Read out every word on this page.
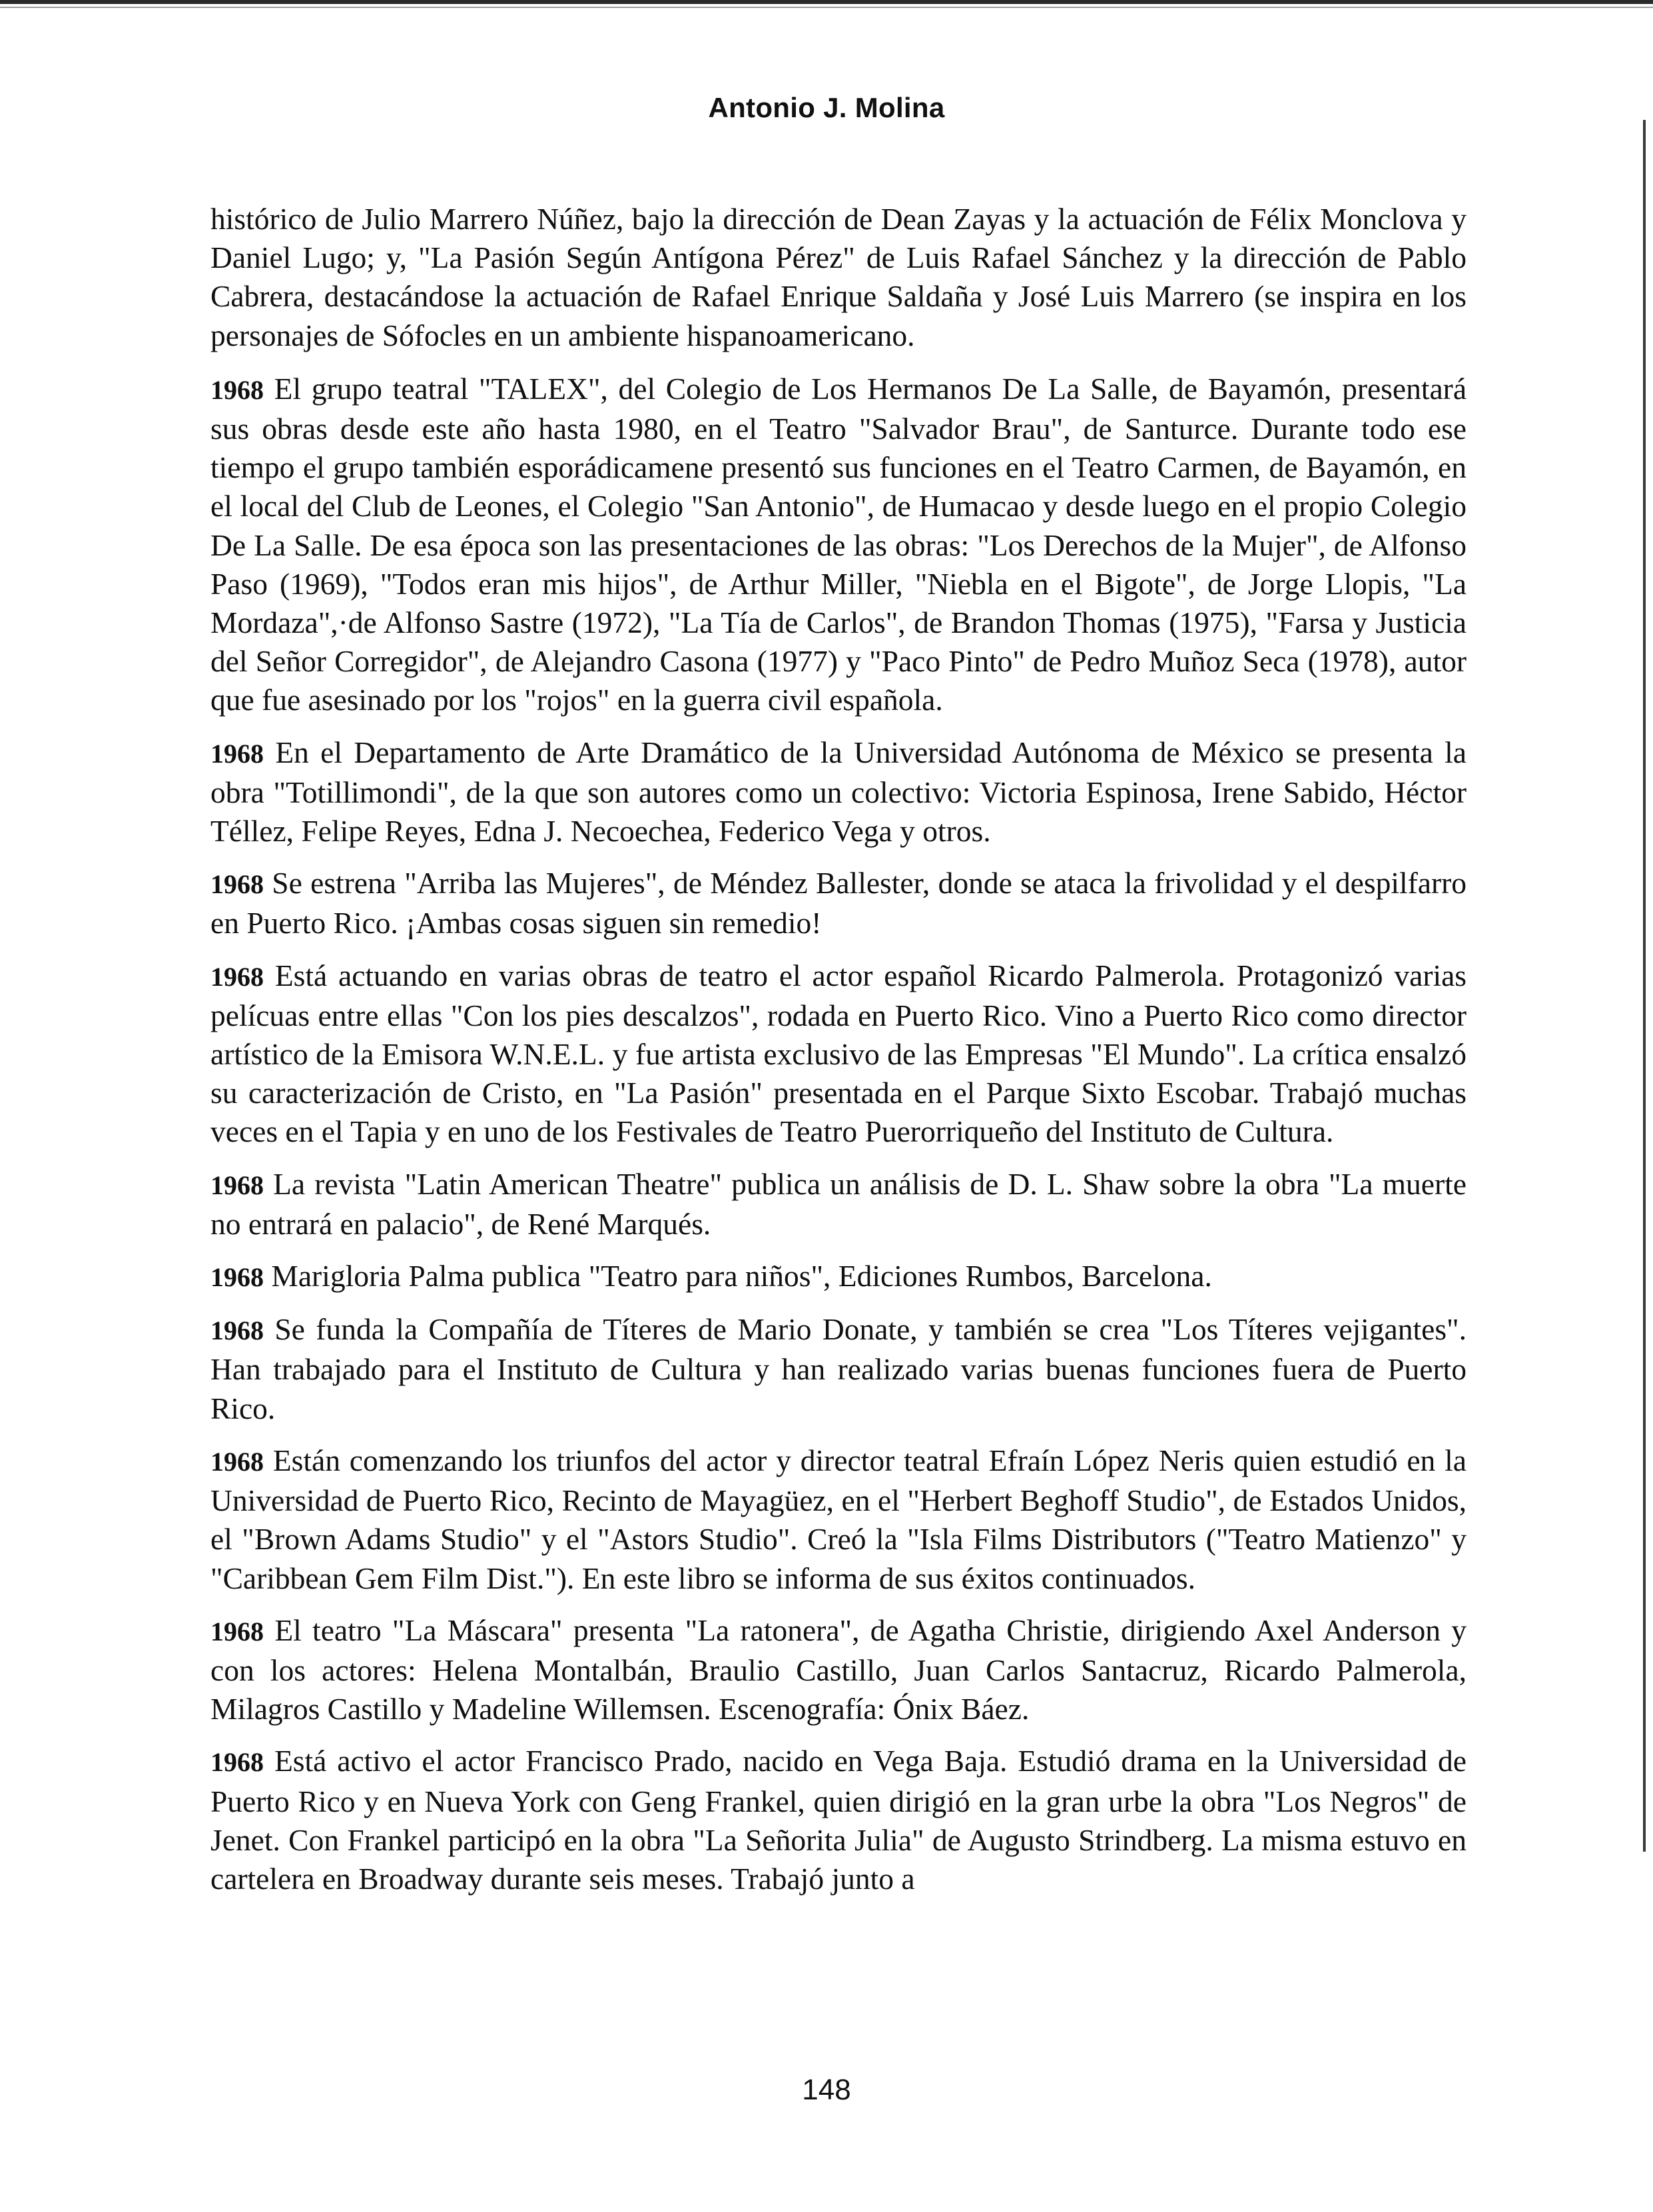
Antonio J. Molina

histórico de Julio Marrero Núñez, bajo la dirección de Dean Zayas y la actuación de Félix Monclova y Daniel Lugo; y, "La Pasión Según Antígona Pérez" de Luis Rafael Sánchez y la dirección de Pablo Cabrera, destacándose la actuación de Rafael Enrique Saldaña y José Luis Marrero (se inspira en los personajes de Sófocles en un ambiente hispanoamericano.

1968 El grupo teatral "TALEX", del Colegio de Los Hermanos De La Salle, de Bayamón, presentará sus obras desde este año hasta 1980, en el Teatro "Salvador Brau", de Santurce. Durante todo ese tiempo el grupo también esporádicamene presentó sus funciones en el Teatro Carmen, de Bayamón, en el local del Club de Leones, el Colegio "San Antonio", de Humacao y desde luego en el propio Colegio De La Salle. De esa época son las presentaciones de las obras: "Los Derechos de la Mujer", de Alfonso Paso (1969), "Todos eran mis hijos", de Arthur Miller, "Niebla en el Bigote", de Jorge Llopis, "La Mordaza",·de Alfonso Sastre (1972), "La Tía de Carlos", de Brandon Thomas (1975), "Farsa y Justicia del Señor Corregidor", de Alejandro Casona (1977) y "Paco Pinto" de Pedro Muñoz Seca (1978), autor que fue asesinado por los "rojos" en la guerra civil española.

1968 En el Departamento de Arte Dramático de la Universidad Autónoma de México se presenta la obra "Totillimondi", de la que son autores como un colectivo: Victoria Espinosa, Irene Sabido, Héctor Téllez, Felipe Reyes, Edna J. Necoechea, Federico Vega y otros.

1968 Se estrena "Arriba las Mujeres", de Méndez Ballester, donde se ataca la frivolidad y el despilfarro en Puerto Rico. ¡Ambas cosas siguen sin remedio!

1968 Está actuando en varias obras de teatro el actor español Ricardo Palmerola. Protagonizó varias pelícuas entre ellas "Con los pies descalzos", rodada en Puerto Rico. Vino a Puerto Rico como director artístico de la Emisora W.N.E.L. y fue artista exclusivo de las Empresas "El Mundo". La crítica ensalzó su caracterización de Cristo, en "La Pasión" presentada en el Parque Sixto Escobar. Trabajó muchas veces en el Tapia y en uno de los Festivales de Teatro Puerorriqueño del Instituto de Cultura.

1968 La revista "Latin American Theatre" publica un análisis de D. L. Shaw sobre la obra "La muerte no entrará en palacio", de René Marqués.

1968 Marigloria Palma publica "Teatro para niños", Ediciones Rumbos, Barcelona.

1968 Se funda la Compañía de Títeres de Mario Donate, y también se crea "Los Títeres vejigantes". Han trabajado para el Instituto de Cultura y han realizado varias buenas funciones fuera de Puerto Rico.

1968 Están comenzando los triunfos del actor y director teatral Efraín López Neris quien estudió en la Universidad de Puerto Rico, Recinto de Mayagüez, en el "Herbert Beghoff Studio", de Estados Unidos, el "Brown Adams Studio" y el "Astors Studio". Creó la "Isla Films Distributors ("Teatro Matienzo" y "Caribbean Gem Film Dist."). En este libro se informa de sus éxitos continuados.

1968 El teatro "La Máscara" presenta "La ratonera", de Agatha Christie, dirigiendo Axel Anderson y con los actores: Helena Montalbán, Braulio Castillo, Juan Carlos Santacruz, Ricardo Palmerola, Milagros Castillo y Madeline Willemsen. Escenografía: Ónix Báez.

1968 Está activo el actor Francisco Prado, nacido en Vega Baja. Estudió drama en la Universidad de Puerto Rico y en Nueva York con Geng Frankel, quien dirigió en la gran urbe la obra "Los Negros" de Jenet. Con Frankel participó en la obra "La Señorita Julia" de Augusto Strindberg. La misma estuvo en cartelera en Broadway durante seis meses. Trabajó junto a

148
